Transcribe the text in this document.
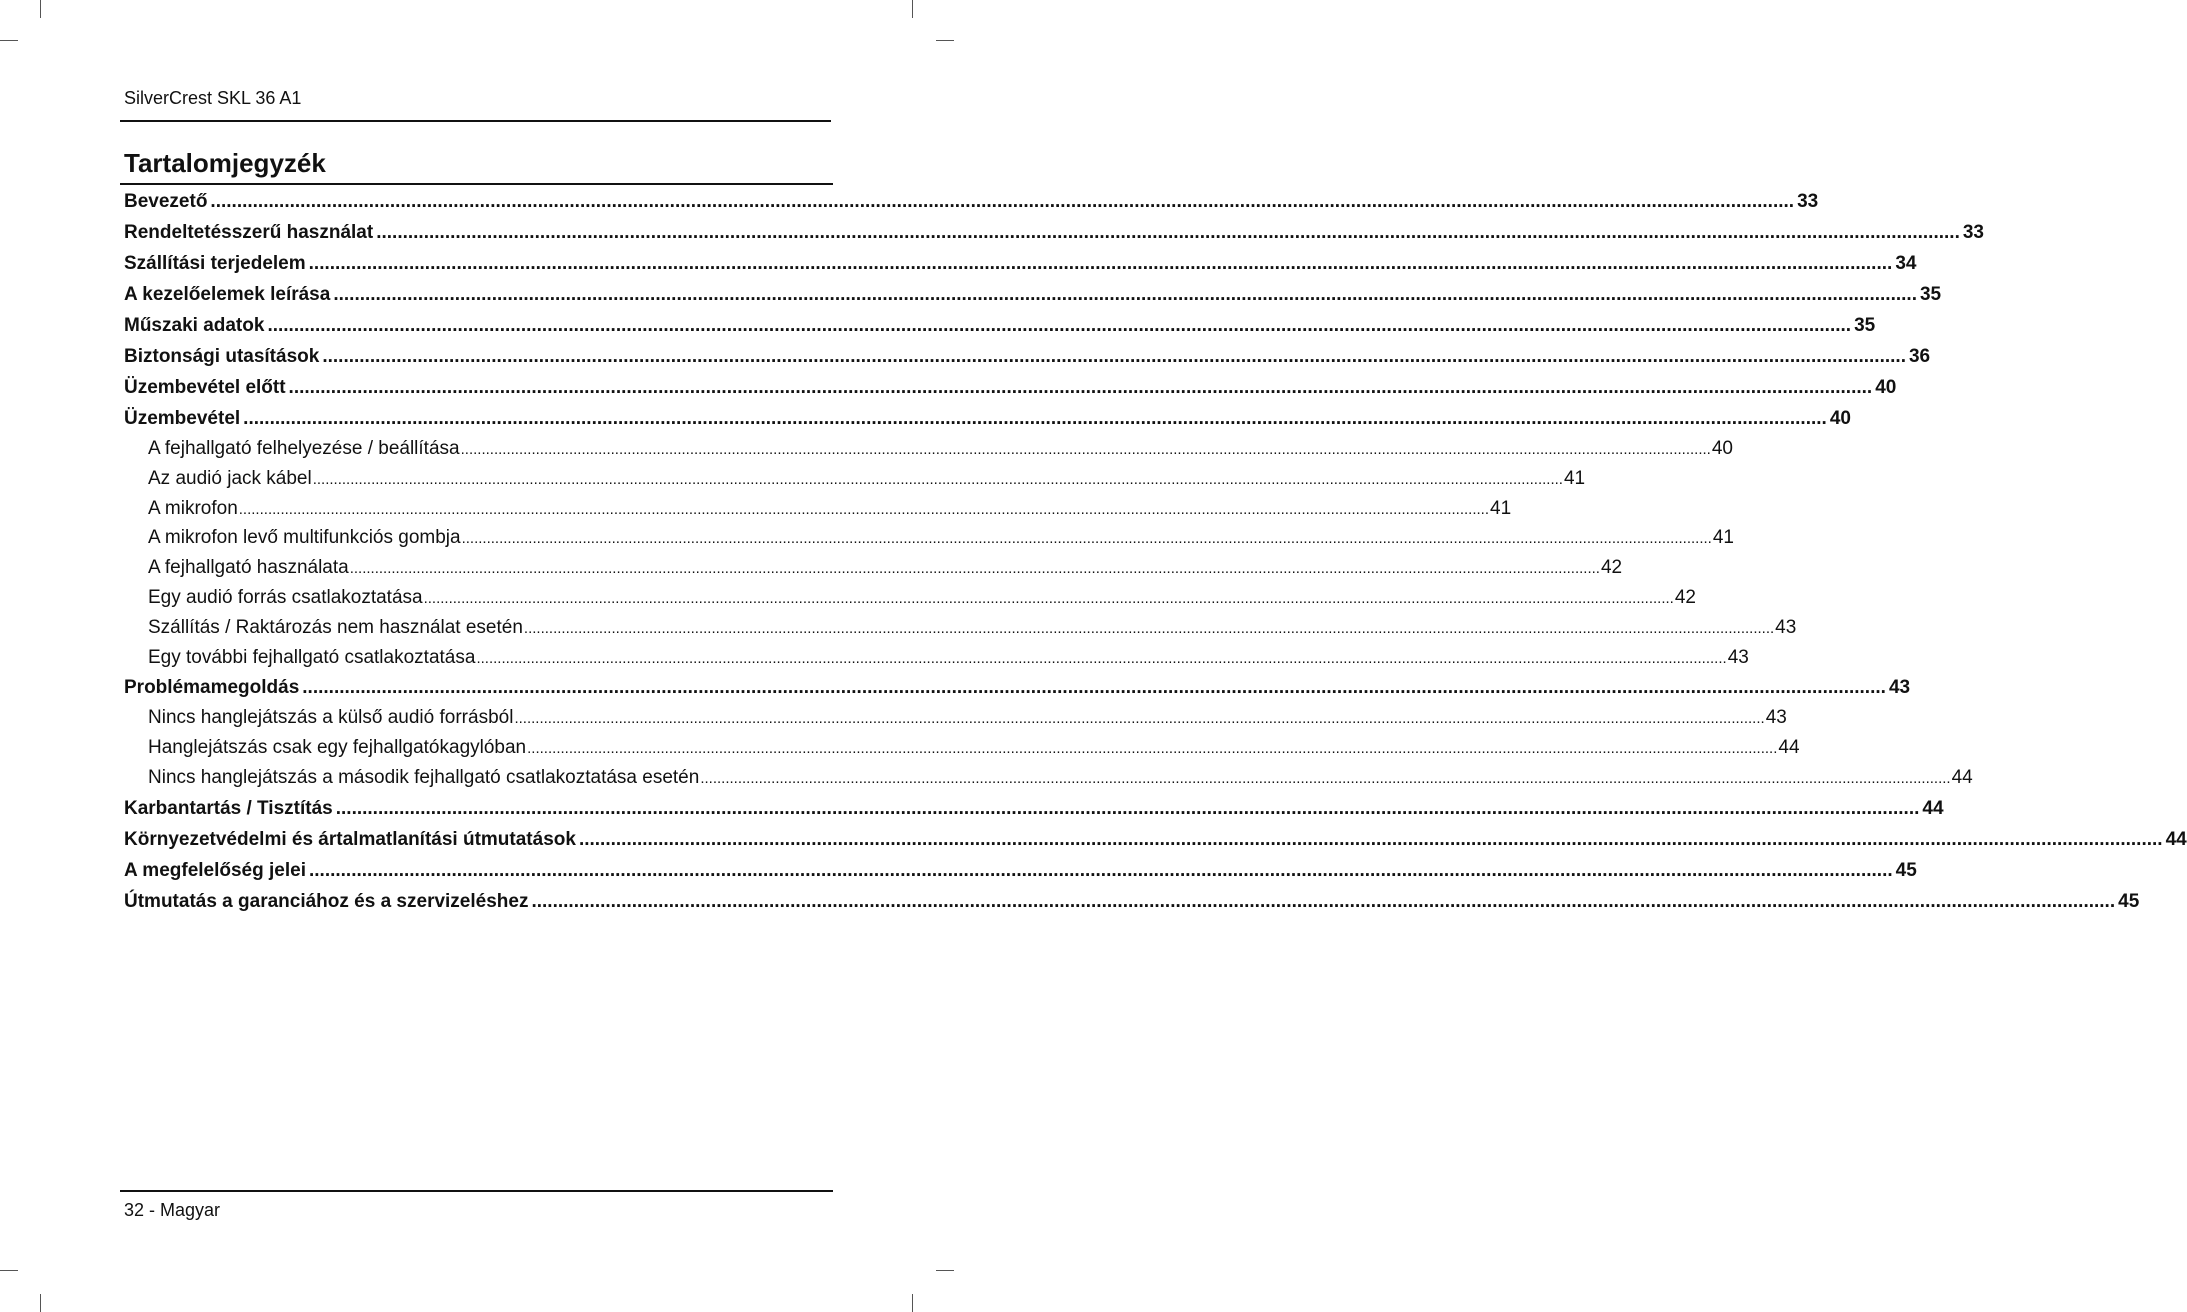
SilverCrest SKL 36 A1
Tartalomjegyzék
Bevezető ............................................................................................................................................................................................................................................................................................................ 33
Rendeltetésszerű használat ............................................................................................................................................................................................................................................................................................................ 33
Szállítási terjedelem ............................................................................................................................................................................................................................................................................................................ 34
A kezelőelemek leírása ............................................................................................................................................................................................................................................................................................................ 35
Műszaki adatok ............................................................................................................................................................................................................................................................................................................ 35
Biztonsági utasítások ............................................................................................................................................................................................................................................................................................................ 36
Üzembevétel előtt ............................................................................................................................................................................................................................................................................................................ 40
Üzembevétel ............................................................................................................................................................................................................................................................................................................ 40
A fejhallgató felhelyezése / beállítása ............................................................................................................................................................................................................................................................................................................ 40
Az audió jack kábel ............................................................................................................................................................................................................................................................................................................ 41
A mikrofon ............................................................................................................................................................................................................................................................................................................ 41
A mikrofon levő multifunkciós gombja ............................................................................................................................................................................................................................................................................................................ 41
A fejhallgató használata ............................................................................................................................................................................................................................................................................................................ 42
Egy audió forrás csatlakoztatása ............................................................................................................................................................................................................................................................................................................ 42
Szállítás / Raktározás nem használat esetén ............................................................................................................................................................................................................................................................................................................ 43
Egy további fejhallgató csatlakoztatása ............................................................................................................................................................................................................................................................................................................ 43
Problémamegoldás ............................................................................................................................................................................................................................................................................................................ 43
Nincs hanglejátszás a külső audió forrásból ............................................................................................................................................................................................................................................................................................................ 43
Hanglejátszás csak egy fejhallgatókagylóban ............................................................................................................................................................................................................................................................................................................ 44
Nincs hanglejátszás a második fejhallgató csatlakoztatása esetén ............................................................................................................................................................................................................................................................................................................ 44
Karbantartás / Tisztítás ............................................................................................................................................................................................................................................................................................................ 44
Környezetvédelmi és ártalmatlanítási útmutatások ............................................................................................................................................................................................................................................................................................................ 44
A megfelelőség jelei ............................................................................................................................................................................................................................................................................................................ 45
Útmutatás a garanciához és a szervizeléshez ............................................................................................................................................................................................................................................................................................................ 45
32 - Magyar
